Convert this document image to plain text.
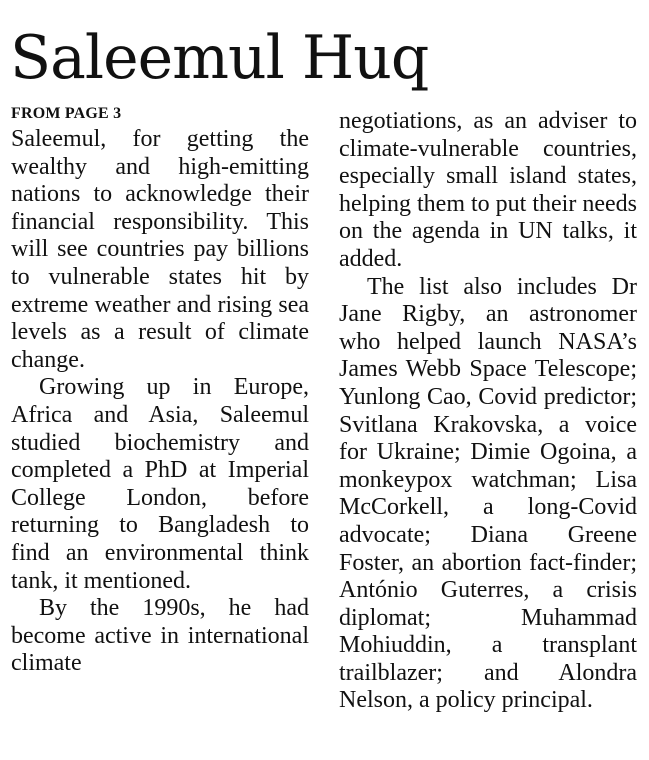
Saleemul Huq
FROM PAGE 3

Saleemul, for getting the wealthy and high-emitting nations to acknowledge their financial responsibility. This will see countries pay billions to vulnerable states hit by extreme weather and rising sea levels as a result of climate change.

Growing up in Europe, Africa and Asia, Saleemul studied biochemistry and completed a PhD at Imperial College London, before returning to Bangladesh to find an environmental think tank, it mentioned.

By the 1990s, he had become active in international climate

negotiations, as an adviser to climate-vulnerable countries, especially small island states, helping them to put their needs on the agenda in UN talks, it added.

The list also includes Dr Jane Rigby, an astronomer who helped launch NASA’s James Webb Space Telescope; Yunlong Cao, Covid predictor; Svitlana Krakovska, a voice for Ukraine; Dimie Ogoina, a monkeypox watchman; Lisa McCorkell, a long-Covid advocate; Diana Greene Foster, an abortion fact-finder; António Guterres, a crisis diplomat; Muhammad Mohiuddin, a transplant trailblazer; and Alondra Nelson, a policy principal.
